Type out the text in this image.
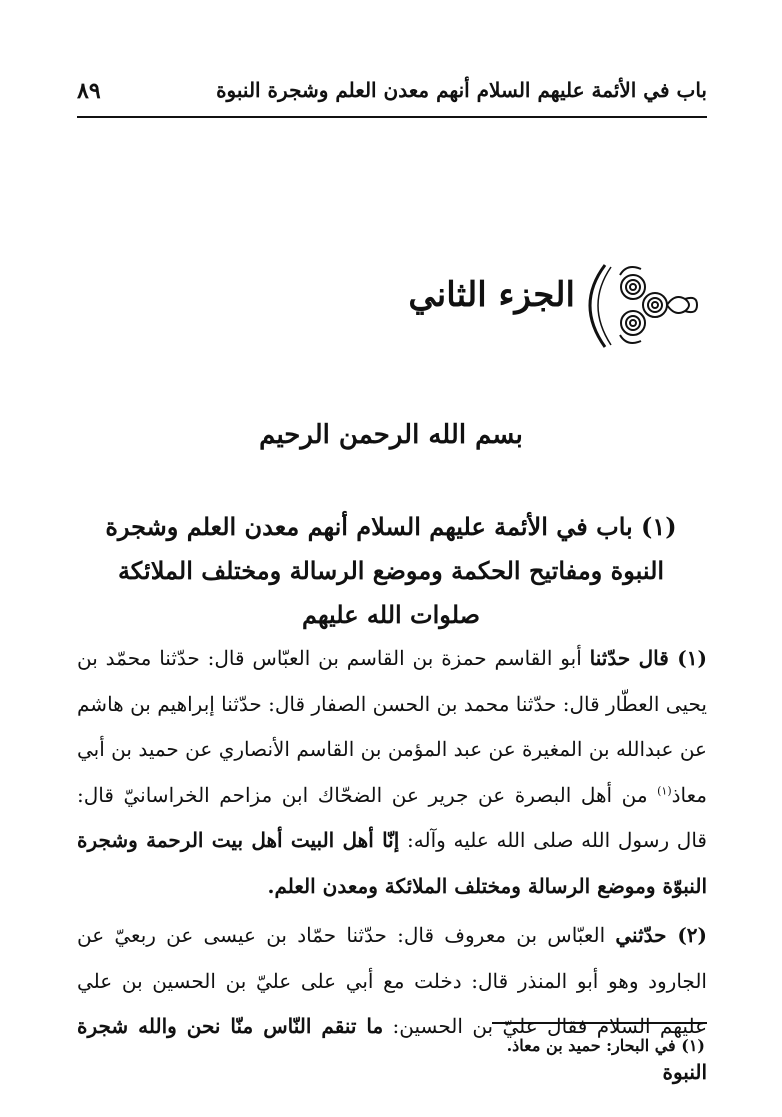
باب في الأئمة عليهم السلام أنهم معدن العلم وشجرة النبوة
٨٩
الجزء الثاني
بسم الله الرحمن الرحيم
(١) باب في الأئمة عليهم السلام أنهم معدن العلم وشجرة
النبوة ومفاتيح الحكمة وموضع الرسالة ومختلف الملائكة
صلوات الله عليهم

(١) قال حدّثنا أبو القاسم حمزة بن القاسم بن العبّاس قال: حدّثنا محمّد بن يحيى العطّار قال: حدّثنا محمد بن الحسن الصفار قال: حدّثنا إبراهيم بن هاشم عن عبدالله بن المغيرة عن عبد المؤمن بن القاسم الأنصاري عن حميد بن أبي معاذ$^{(١)}$ من أهل البصرة عن جرير عن الضحّاك ابن مزاحم الخراسانيّ قال: قال رسول الله صلى الله عليه وآله: إنّا أهل البيت أهل بيت الرحمة وشجرة النبوّة وموضع الرسالة ومختلف الملائكة ومعدن العلم.

(٢) حدّثني العبّاس بن معروف قال: حدّثنا حمّاد بن عيسى عن ربعيّ عن الجارود وهو أبو المنذر قال: دخلت مع أبي على عليّ بن الحسين بن علي عليهم السلام فقال عليّ بن الحسين: ما تنقم النّاس منّا نحن والله شجرة النبوة

(١) في البحار: حميد بن معاذ.
